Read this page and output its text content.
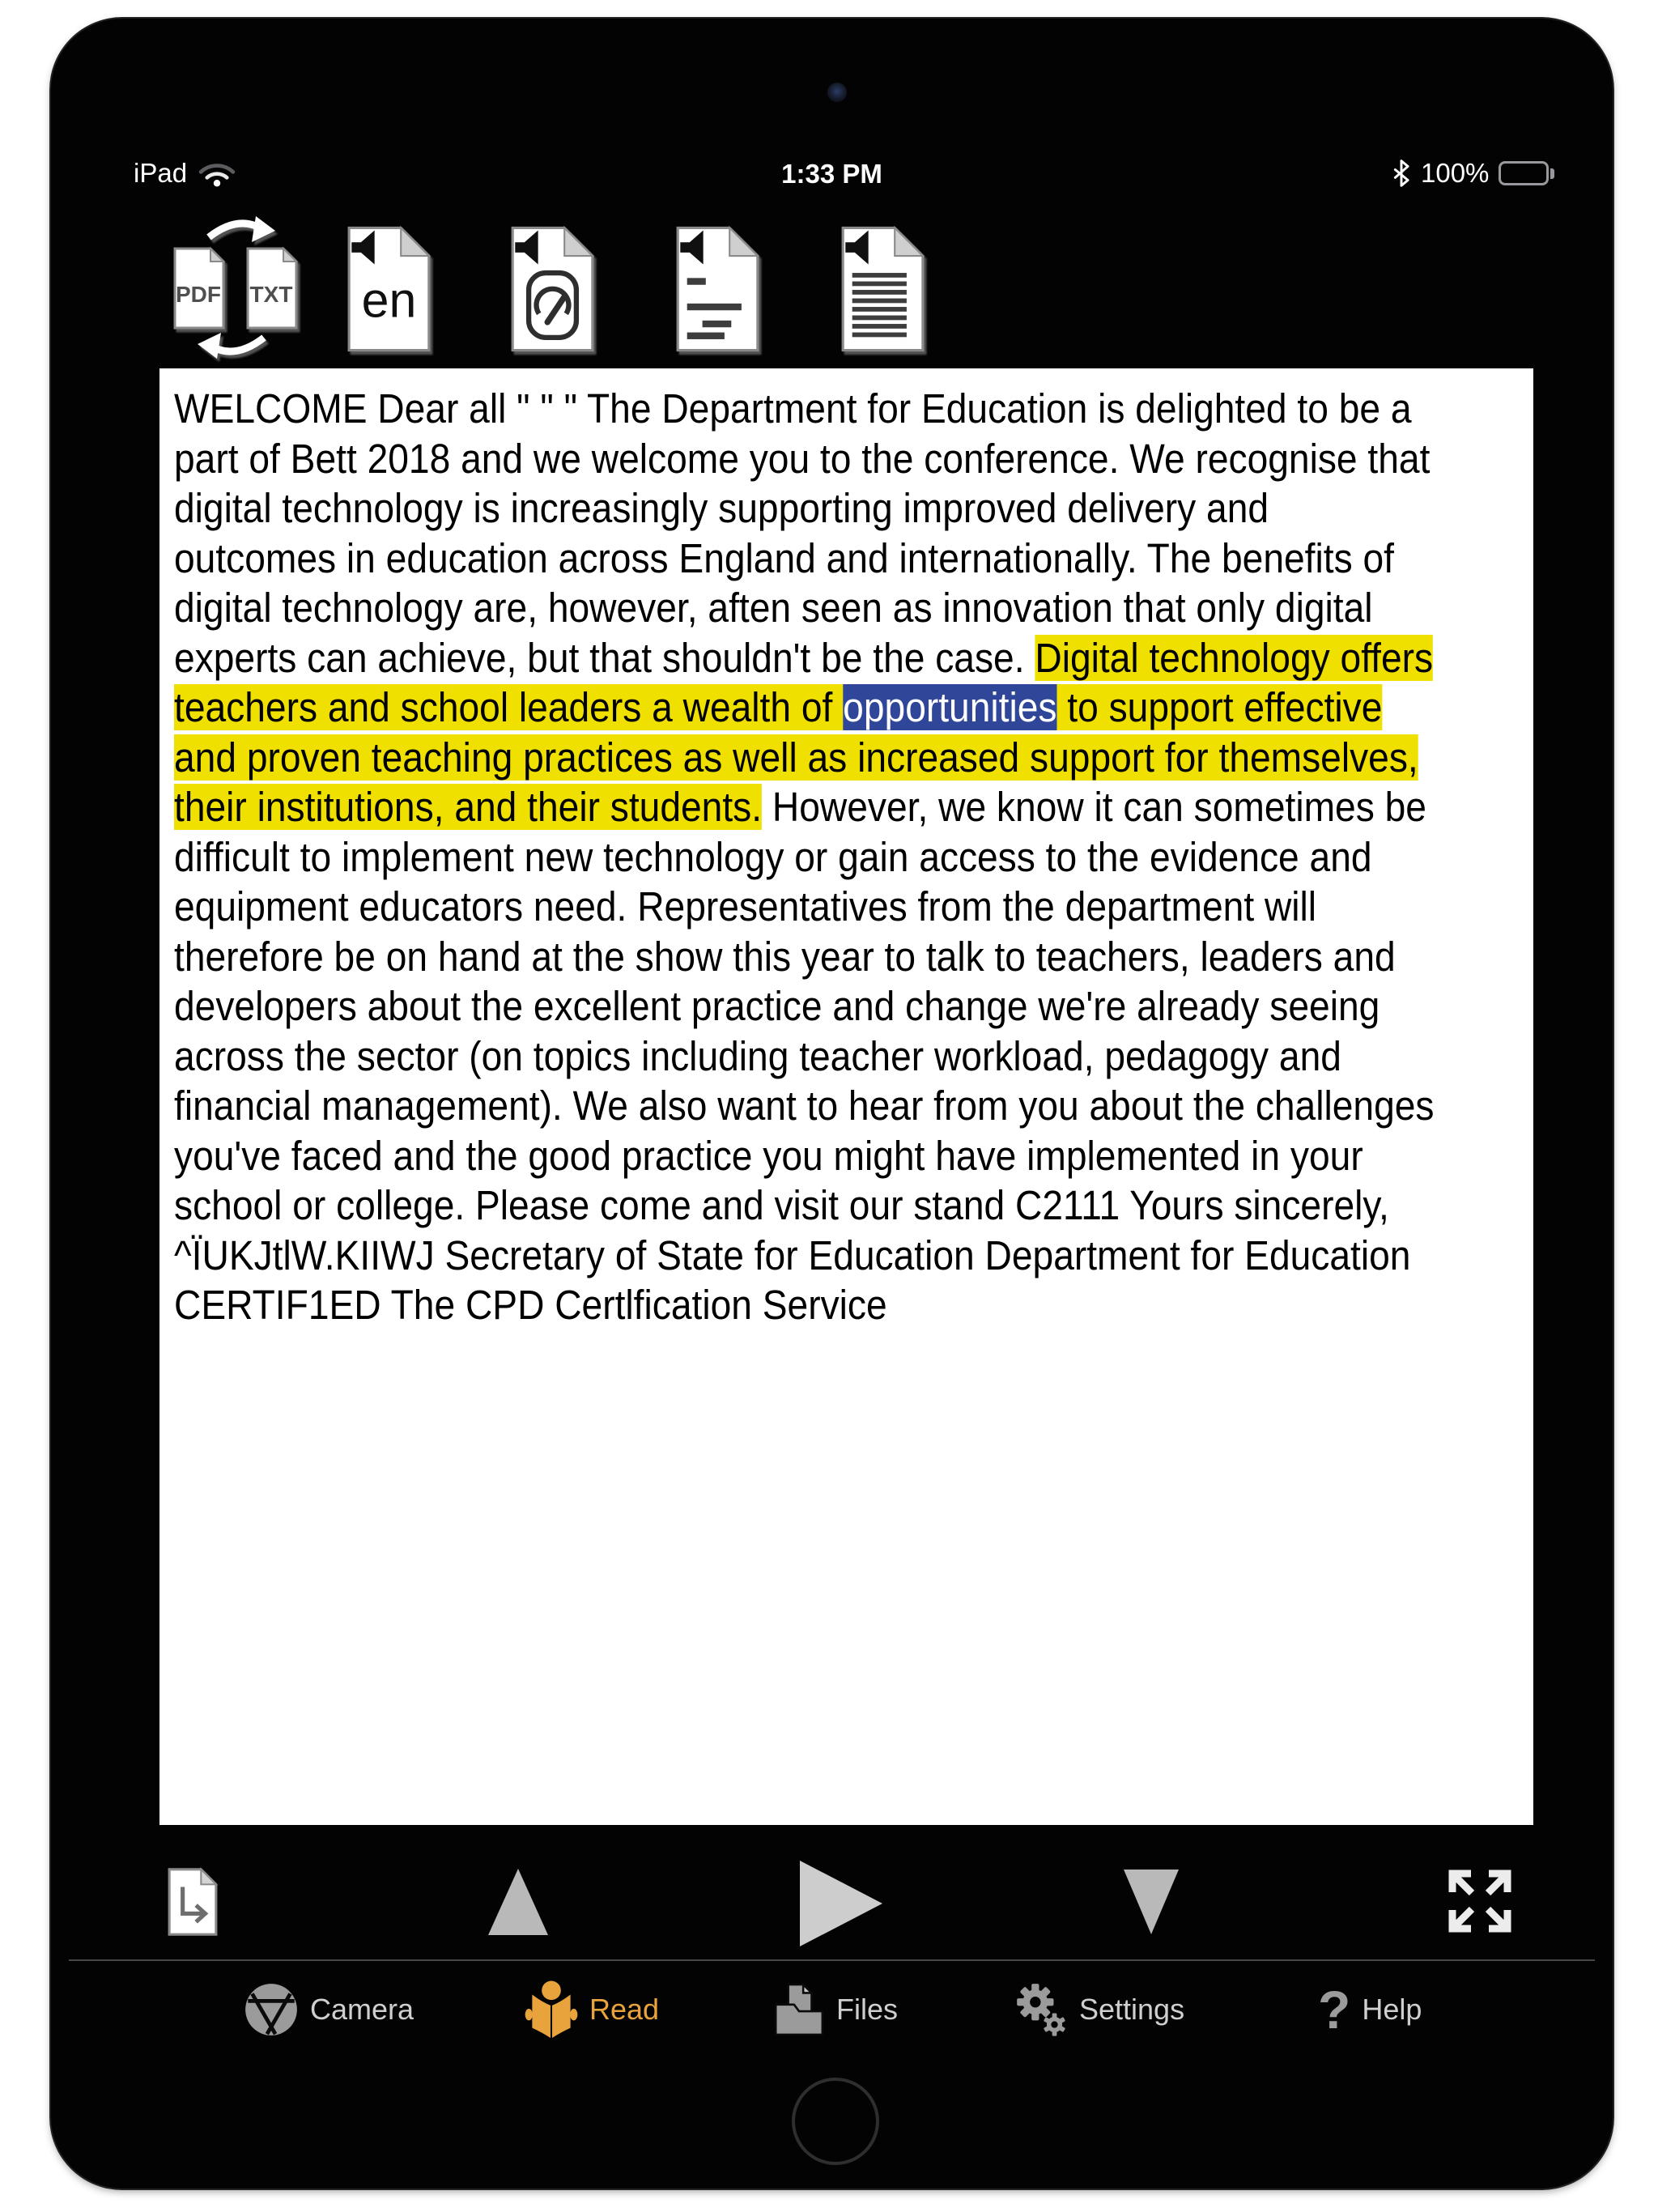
iPad	1:33 PM	100%
PDF TXT en
WELCOME Dear all " " " The Department for Education is delighted to be a
part of Bett 2018 and we welcome you to the conference. We recognise that
digital technology is increasingly supporting improved delivery and
outcomes in education across England and internationally. The benefits of
digital technology are, however, aften seen as innovation that only digital
experts can achieve, but that shouldn't be the case. Digital technology offers
teachers and school leaders a wealth of opportunities to support effective
and proven teaching practices as well as increased support for themselves,
their institutions, and their students. However, we know it can sometimes be
difficult to implement new technology or gain access to the evidence and
equipment educators need. Representatives from the department will
therefore be on hand at the show this year to talk to teachers, leaders and
developers about the excellent practice and change we're already seeing
across the sector (on topics including teacher workload, pedagogy and
financial management). We also want to hear from you about the challenges
you've faced and the good practice you might have implemented in your
school or college. Please come and visit our stand C2111 Yours sincerely,
^ÏUKJtlW.KIIWJ Secretary of State for Education Department for Education
CERTIF1ED The CPD Certlfication Service
Camera	Read	Files	Settings ? Help
